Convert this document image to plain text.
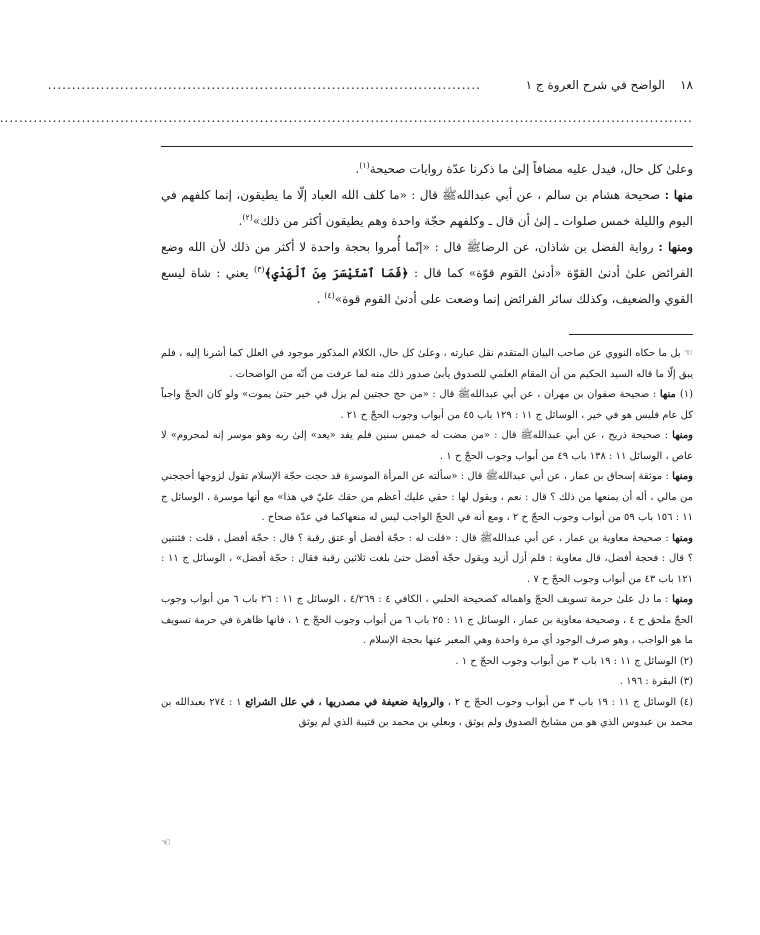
١٨
الواضح في شرح العروة ج ١
..........................................................................................
................................................................................................................................................

وعلىٰ كل حال، فيدل عليه مضافاً إلىٰ ما ذكرنا عدّة روايات صحيحة$^{(١)}$.

منها : صحيحة هشام بن سالم ، عن أبي عبداللهﷺ قال : «ما كلف الله العباد إلّا ما يطيقون، إنما كلفهم في اليوم والليلة خمس صلوات ـ إلىٰ أن قال ـ وكلفهم حجّة واحدة وهم يطيقون أكثر من ذلك»$^{(٢)}$.

ومنها : رواية الفضل بن شاذان، عن الرضاﷺ قال : «إنّما أُمروا بحجة واحدة لا أكثر من ذلك لأن الله وضع الفرائض علىٰ أدنىٰ القوّة «أدنىٰ القوم قوّة» كما قال : ﴿فَمَا ٱسْتَيْسَرَ مِنَ ٱلْهَدْيِ﴾$^{(٣)}$ يعني : شاة ليسع القوي والضعيف، وكذلك سائر الفرائض إنما وضعت على أدنىٰ القوم قوة»$^{(٤)}$ .

☜ بل ما حكاه النووي عن صاحب البيان المتقدم نقل عبارته ، وعلىٰ كل حال، الكلام المذكور موجود في العلل كما أشرنا إليه ، فلم يبق إلّا ما قاله السيد الحكيم من أن المقام العلمي للصدوق يأبىٰ صدور ذلك منه لما عرفت من أنّه من الواضحات .

(١) منها : صحيحة صفوان بن مهران ، عن أبي عبداللهﷺ قال : «من حج حجتين لم يزل في خير حتىٰ يموت» ولو كان الحجّ واجباً كل عام فليس هو في خير ، الوسائل ج ١١ : ١٢٩ باب ٤٥ من أبواب وجوب الحجّ ح ٢١ .

ومنها : صحيحة ذريح ، عن أبي عبداللهﷺ قال : «من مضت له خمس سنين فلم يفد «يعد» إلىٰ ربه وهو موسر إنه لمحروم» لا عاص ، الوسائل ١١ : ١٣٨ باب ٤٩ من أبواب وجوب الحجّ ح ١ .

ومنها : موثقة إسحاق بن عمار ، عن أبي عبداللهﷺ قال : «سألته عن المرأة الموسرة قد حجت حجّة الإسلام تقول لزوجها أحججني من مالي ، أله أن يمنعها من ذلك ؟ قال : نعم ، ويقول لها : حقي عليك أعظم من حقك عليّ في هذا» مع أنها موسرة ، الوسائل ج ١١ : ١٥٦ باب ٥٩ من أبواب وجوب الحجّ ح ٢ ، ومع أنه في الحجّ الواجب ليس له منعهاكما في عدّة صحاح .

ومنها : صحيحة معاوية بن عمار ، عن أبي عبداللهﷺ قال : «قلت له : حجّة أفضل أو عتق رقبة ؟ قال : حجّة أفضل ، قلت : فثنتين ؟ قال : فحجة أفضل، قال معاوية : فلم أزل أزيد ويقول حجّة أفضل حتىٰ بلغت ثلاثين رقبة فقال : حجّة أفضل» ، الوسائل ج ١١ : ١٢١ باب ٤٣ من أبواب وجوب الحجّ ح ٧ .

ومنها : ما دل علىٰ حرمة تسويف الحجّ واهماله كصحيحة الحلبي ، الكافي ٤ : ٤/٢٦٩ ، الوسائل ج ١١ : ٢٦ باب ٦ من أبواب وجوب الحجّ ملحق ح ٤ ، وصحيحة معاوية بن عمار ، الوسائل ج ١١ : ٢٥ باب ٦ من أبواب وجوب الحجّ ح ١ ، فانها ظاهرة في حرمة تسويف ما هو الواجب ، وهو صرف الوجود أي مرة واحدة وهي المعبر عنها بحجة الإسلام .

(٢) الوسائل ج ١١ : ١٩ باب ٣ من أبواب وجوب الحجّ ح ١ .

(٣) البقرة : ١٩٦ .

(٤) الوسائل ج ١١ : ١٩ باب ٣ من أبواب وجوب الحجّ ح ٢ ، والرواية ضعيفة في مصدريها ، في علل الشرائع ١ : ٢٧٤ بعبدالله بن محمد بن عبدوس الذي هو من مشايخ الصدوق ولم يوثق ، وبعلي بن محمد بن قتيبة الذي لم يوثق

☜
